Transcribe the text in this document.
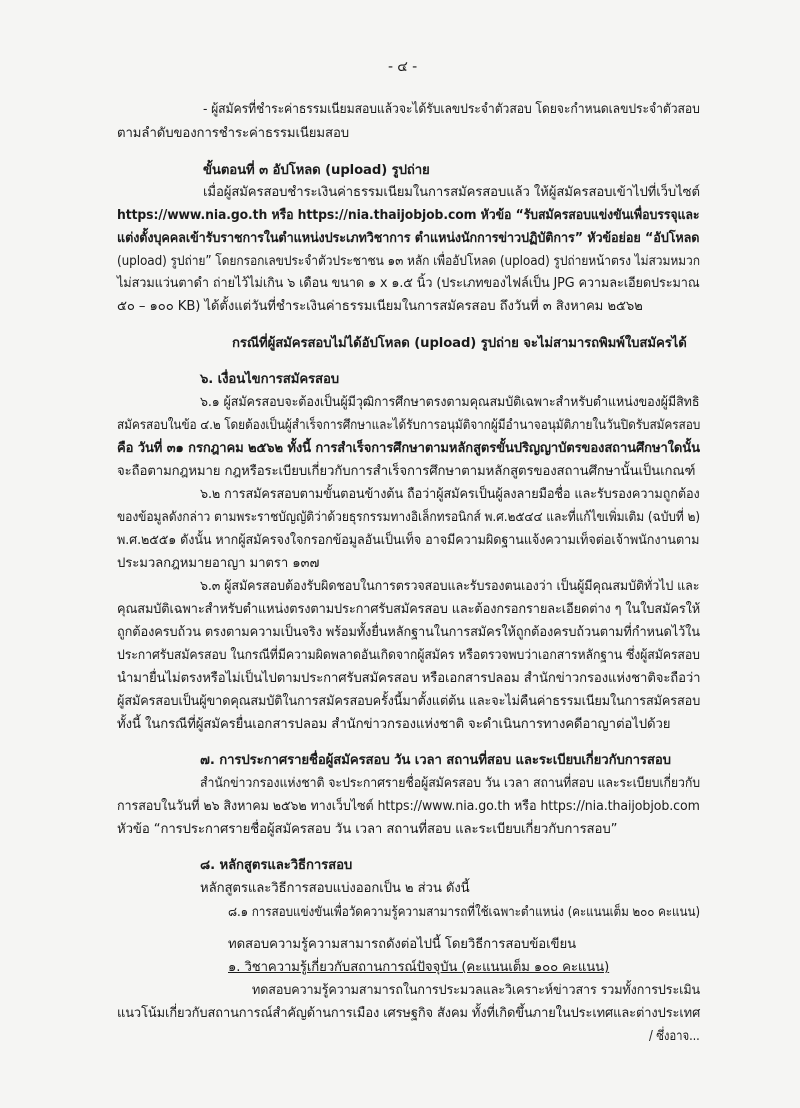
- ๔ -
- ผู้สมัครที่ชำระค่าธรรมเนียมสอบแล้วจะได้รับเลขประจำตัวสอบ โดยจะกำหนดเลขประจำตัวสอบ
ตามลำดับของการชำระค่าธรรมเนียมสอบ
ขั้นตอนที่ ๓ อัปโหลด (upload) รูปถ่าย
เมื่อผู้สมัครสอบชำระเงินค่าธรรมเนียมในการสมัครสอบแล้ว ให้ผู้สมัครสอบเข้าไปที่เว็บไซต์
https://www.nia.go.th หรือ https://nia.thaijobjob.com หัวข้อ “รับสมัครสอบแข่งขันเพื่อบรรจุและ
แต่งตั้งบุคคลเข้ารับราชการในตำแหน่งประเภทวิชาการ ตำแหน่งนักการข่าวปฏิบัติการ” หัวข้อย่อย “อัปโหลด
(upload) รูปถ่าย” โดยกรอกเลขประจำตัวประชาชน ๑๓ หลัก เพื่ออัปโหลด (upload) รูปถ่ายหน้าตรง ไม่สวมหมวก
ไม่สวมแว่นตาดำ ถ่ายไว้ไม่เกิน ๖ เดือน ขนาด ๑ x ๑.๕ นิ้ว (ประเภทของไฟล์เป็น JPG ความละเอียดประมาณ
๕๐ – ๑๐๐ KB) ได้ตั้งแต่วันที่ชำระเงินค่าธรรมเนียมในการสมัครสอบ ถึงวันที่ ๓ สิงหาคม ๒๕๖๒
กรณีที่ผู้สมัครสอบไม่ได้อัปโหลด (upload) รูปถ่าย จะไม่สามารถพิมพ์ใบสมัครได้
๖. เงื่อนไขการสมัครสอบ
๖.๑ ผู้สมัครสอบจะต้องเป็นผู้มีวุฒิการศึกษาตรงตามคุณสมบัติเฉพาะสำหรับตำแหน่งของผู้มีสิทธิ
สมัครสอบในข้อ ๔.๒ โดยต้องเป็นผู้สำเร็จการศึกษาและได้รับการอนุมัติจากผู้มีอำนาจอนุมัติภายในวันปิดรับสมัครสอบ
คือ วันที่ ๓๑ กรกฎาคม ๒๕๖๒ ทั้งนี้ การสำเร็จการศึกษาตามหลักสูตรขั้นปริญญาบัตรของสถานศึกษาใดนั้น
จะถือตามกฎหมาย กฎหรือระเบียบเกี่ยวกับการสำเร็จการศึกษาตามหลักสูตรของสถานศึกษานั้นเป็นเกณฑ์
๖.๒ การสมัครสอบตามขั้นตอนข้างต้น ถือว่าผู้สมัครเป็นผู้ลงลายมือชื่อ และรับรองความถูกต้อง
ของข้อมูลดังกล่าว ตามพระราชบัญญัติว่าด้วยธุรกรรมทางอิเล็กทรอนิกส์ พ.ศ.๒๕๔๔ และที่แก้ไขเพิ่มเติม (ฉบับที่ ๒)
พ.ศ.๒๕๕๑ ดังนั้น หากผู้สมัครจงใจกรอกข้อมูลอันเป็นเท็จ อาจมีความผิดฐานแจ้งความเท็จต่อเจ้าพนักงานตาม
ประมวลกฎหมายอาญา มาตรา ๑๓๗
๖.๓ ผู้สมัครสอบต้องรับผิดชอบในการตรวจสอบและรับรองตนเองว่า เป็นผู้มีคุณสมบัติทั่วไป และ
คุณสมบัติเฉพาะสำหรับตำแหน่งตรงตามประกาศรับสมัครสอบ และต้องกรอกรายละเอียดต่าง ๆ ในใบสมัครให้
ถูกต้องครบถ้วน ตรงตามความเป็นจริง พร้อมทั้งยื่นหลักฐานในการสมัครให้ถูกต้องครบถ้วนตามที่กำหนดไว้ใน
ประกาศรับสมัครสอบ ในกรณีที่มีความผิดพลาดอันเกิดจากผู้สมัคร หรือตรวจพบว่าเอกสารหลักฐาน ซึ่งผู้สมัครสอบ
นำมายื่นไม่ตรงหรือไม่เป็นไปตามประกาศรับสมัครสอบ หรือเอกสารปลอม สำนักข่าวกรองแห่งชาติจะถือว่า
ผู้สมัครสอบเป็นผู้ขาดคุณสมบัติในการสมัครสอบครั้งนี้มาตั้งแต่ต้น และจะไม่คืนค่าธรรมเนียมในการสมัครสอบ
ทั้งนี้ ในกรณีที่ผู้สมัครยื่นเอกสารปลอม สำนักข่าวกรองแห่งชาติ จะดำเนินการทางคดีอาญาต่อไปด้วย
๗. การประกาศรายชื่อผู้สมัครสอบ วัน เวลา สถานที่สอบ และระเบียบเกี่ยวกับการสอบ
สำนักข่าวกรองแห่งชาติ จะประกาศรายชื่อผู้สมัครสอบ วัน เวลา สถานที่สอบ และระเบียบเกี่ยวกับ
การสอบในวันที่ ๒๖ สิงหาคม ๒๕๖๒ ทางเว็บไซต์ https://www.nia.go.th หรือ https://nia.thaijobjob.com
หัวข้อ “การประกาศรายชื่อผู้สมัครสอบ วัน เวลา สถานที่สอบ และระเบียบเกี่ยวกับการสอบ”
๘. หลักสูตรและวิธีการสอบ
หลักสูตรและวิธีการสอบแบ่งออกเป็น ๒ ส่วน ดังนี้
๘.๑ การสอบแข่งขันเพื่อวัดความรู้ความสามารถที่ใช้เฉพาะตำแหน่ง (คะแนนเต็ม ๒๐๐ คะแนน)
ทดสอบความรู้ความสามารถดังต่อไปนี้ โดยวิธีการสอบข้อเขียน
๑. วิชาความรู้เกี่ยวกับสถานการณ์ปัจจุบัน (คะแนนเต็ม ๑๐๐ คะแนน)
ทดสอบความรู้ความสามารถในการประมวลและวิเคราะห์ข่าวสาร รวมทั้งการประเมิน
แนวโน้มเกี่ยวกับสถานการณ์สำคัญด้านการเมือง เศรษฐกิจ สังคม ทั้งที่เกิดขึ้นภายในประเทศและต่างประเทศ
/ ซึ่งอาจ...
